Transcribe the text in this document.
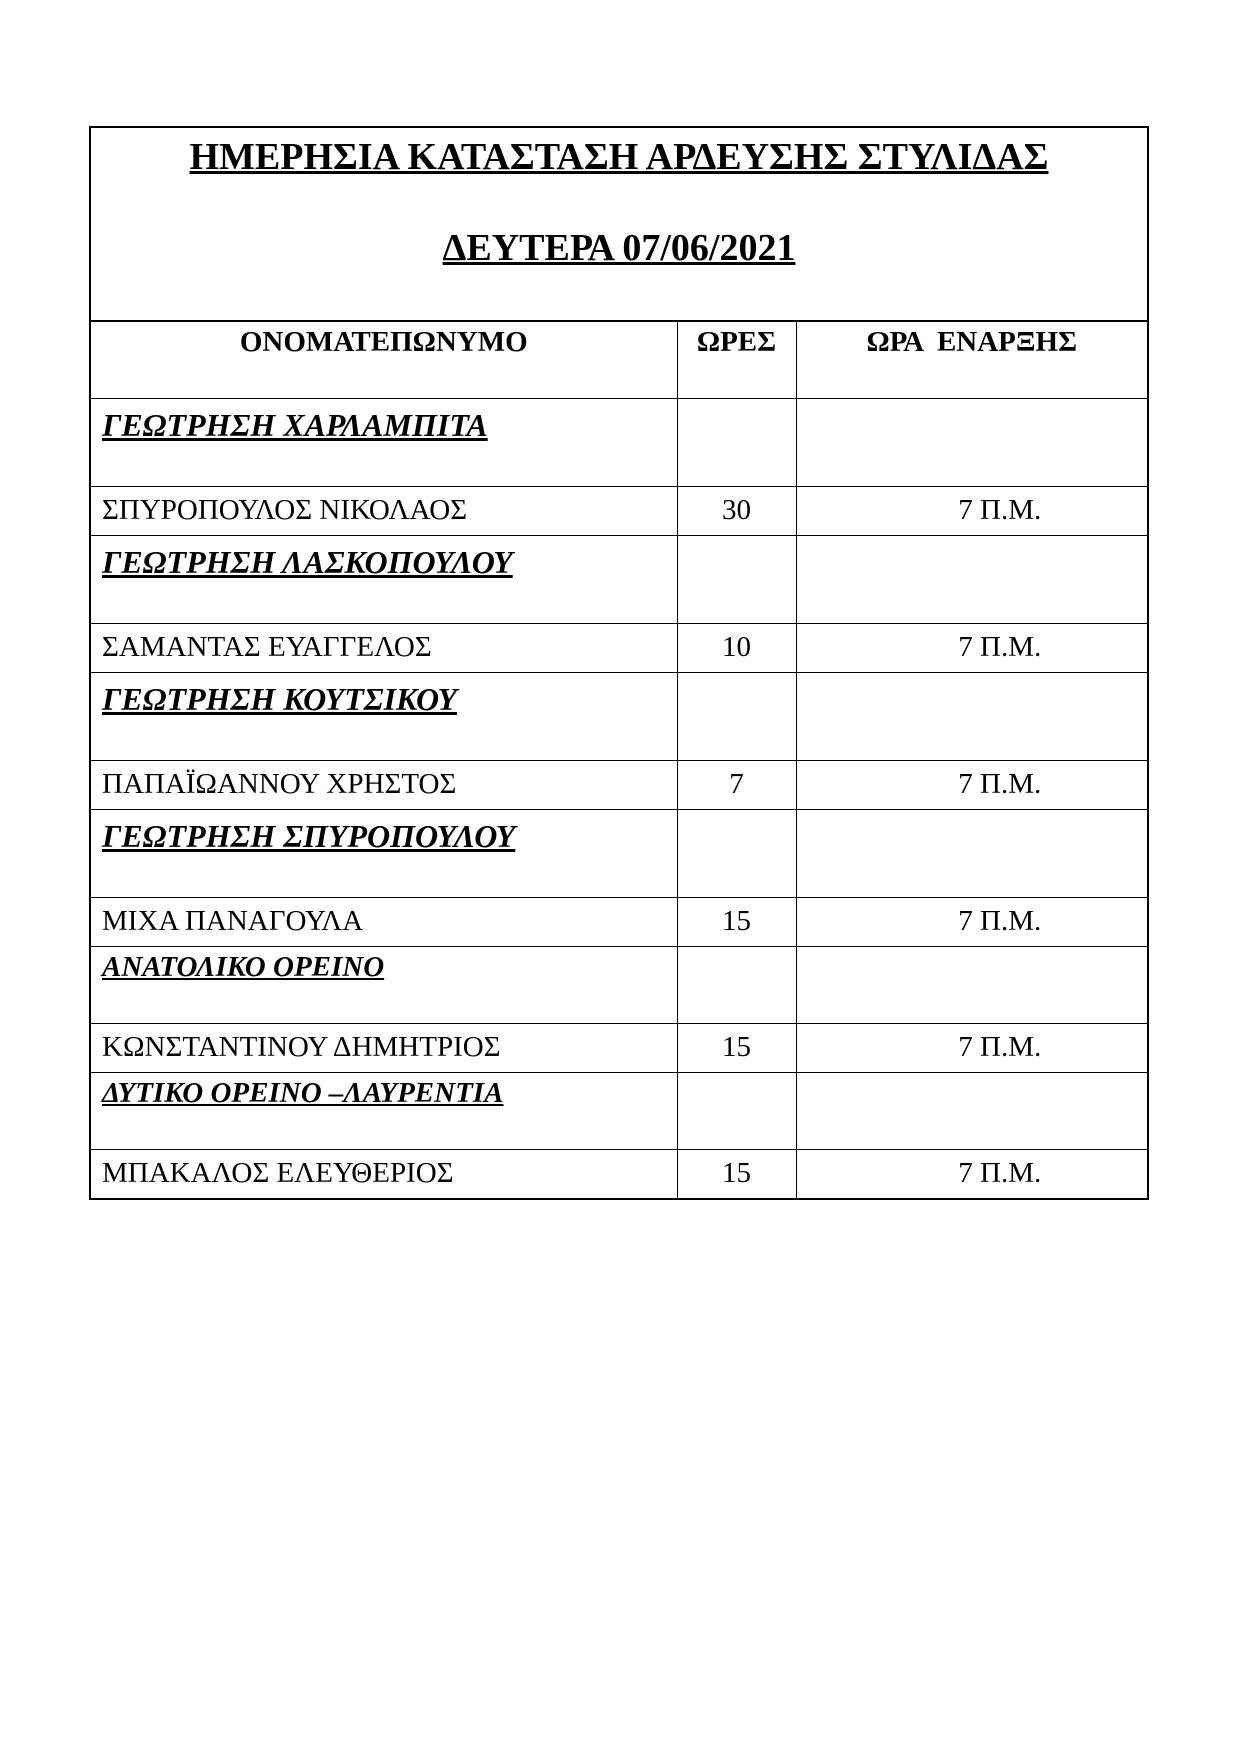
ΗΜΕΡΗΣΙΑ ΚΑΤΑΣΤΑΣΗ ΑΡΔΕΥΣΗΣ ΣΤΥΛΙΔΑΣ
ΔΕΥΤΕΡΑ 07/06/2021
ΟΝΟΜΑΤΕΠΩΝΥΜΟ	ΩΡΕΣ	ΩΡΑ  ΕΝΑΡΞΗΣ
ΓΕΩΤΡΗΣΗ ΧΑΡΛΑΜΠΙΤΑ		
ΣΠΥΡΟΠΟΥΛΟΣ ΝΙΚΟΛΑΟΣ	30	7 Π.Μ.
ΓΕΩΤΡΗΣΗ ΛΑΣΚΟΠΟΥΛΟΥ		
ΣΑΜΑΝΤΑΣ ΕΥΑΓΓΕΛΟΣ	10	7 Π.Μ.
ΓΕΩΤΡΗΣΗ ΚΟΥΤΣΙΚΟΥ		
ΠΑΠΑΪΩΑΝΝΟΥ ΧΡΗΣΤΟΣ	7	7 Π.Μ.
ΓΕΩΤΡΗΣΗ ΣΠΥΡΟΠΟΥΛΟΥ		
ΜΙΧΑ ΠΑΝΑΓΟΥΛΑ	15	7 Π.Μ.
ΑΝΑΤΟΛΙΚΟ ΟΡΕΙΝΟ		
ΚΩΝΣΤΑΝΤΙΝΟΥ ΔΗΜΗΤΡΙΟΣ	15	7 Π.Μ.
ΔΥΤΙΚΟ ΟΡΕΙΝΟ –ΛΑΥΡΕΝΤΙΑ		
ΜΠΑΚΑΛΟΣ ΕΛΕΥΘΕΡΙΟΣ	15	7 Π.Μ.
